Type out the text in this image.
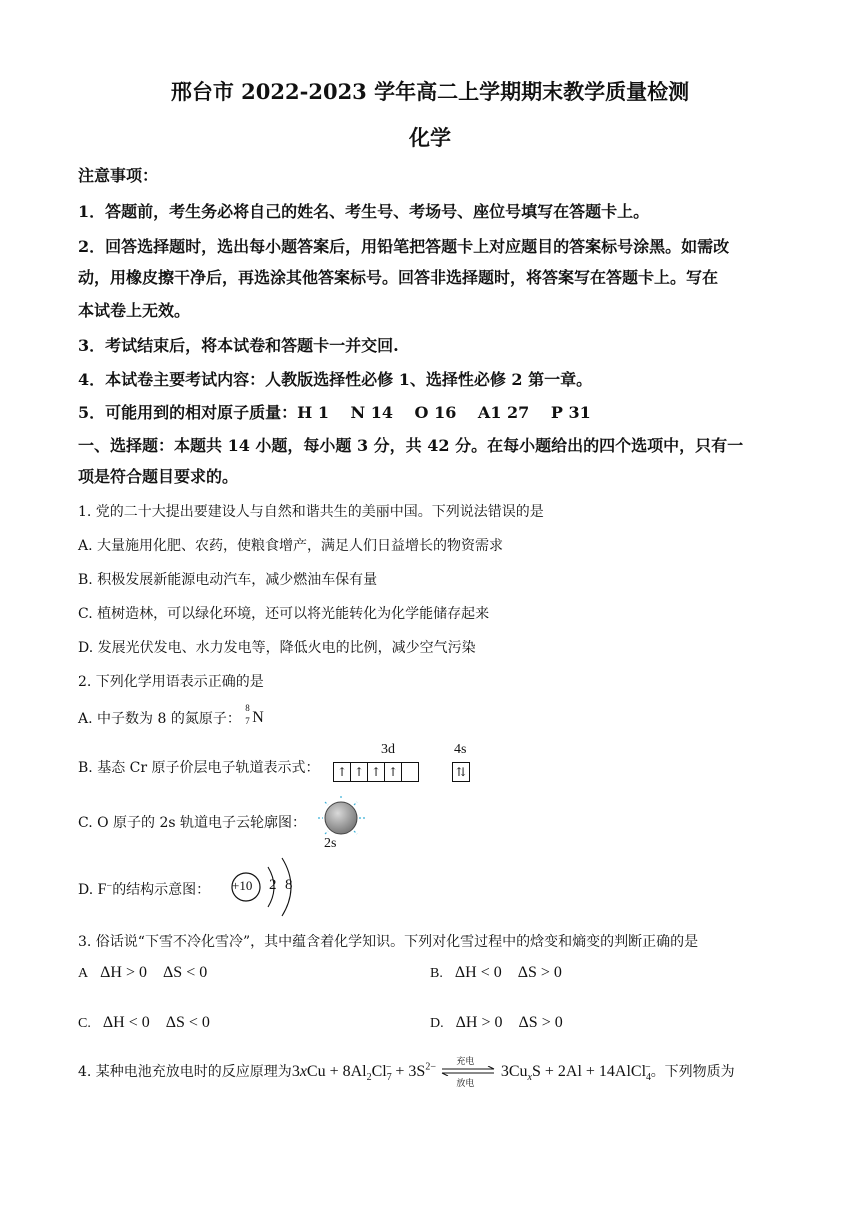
邢台市 2022-2023 学年高二上学期期末教学质量检测
化学
注意事项：
1．答题前，考生务必将自己的姓名、考生号、考场号、座位号填写在答题卡上。
2．回答选择题时，选出每小题答案后，用铅笔把答题卡上对应题目的答案标号涂黑。如需改
动，用橡皮擦干净后，再选涂其他答案标号。回答非选择题时，将答案写在答题卡上。写在
本试卷上无效。
3．考试结束后，将本试卷和答题卡一并交回.
4．本试卷主要考试内容：人教版选择性必修 1、选择性必修 2 第一章。
5．可能用到的相对原子质量：H 1　 N 14　 O 16　 A1 27　 P 31
一、选择题：本题共 14 小题，每小题 3 分，共 42 分。在每小题给出的四个选项中，只有一
项是符合题目要求的。
1. 党的二十大提出要建设人与自然和谐共生的美丽中国。下列说法错误的是
A. 大量施用化肥、农药，使粮食增产，满足人们日益增长的物资需求
B. 积极发展新能源电动汽车，减少燃油车保有量
C. 植树造林，可以绿化环境，还可以将光能转化为化学能储存起来
D. 发展光伏发电、水力发电等，降低火电的比例，减少空气污染
2. 下列化学用语表示正确的是
A. 中子数为 8 的氮原子：
8
7 N
B. 基态 Cr 原子价层电子轨道表示式：
3d	4s
↑ ↑ ↑ ↑	⇅
C. O 原子的 2s 轨道电子云轮廓图：
2s
D. F−的结构示意图： +10 2 8
3. 俗话说“下雪不冷化雪冷”，其中蕴含着化学知识。下列对化雪过程中的焓变和熵变的判断正确的是
A ΔH > 0 ΔS < 0	B. ΔH < 0 ΔS > 0
C. ΔH < 0 ΔS < 0	D. ΔH > 0 ΔS > 0
4. 某种电池充放电时的反应原理为$3xCu + 8Al_2Cl_7^- + 3S^{2-}$ 充电
放电
$3Cu_xS + 2Al$ + 14AlCl$_4$−。下列物质为
